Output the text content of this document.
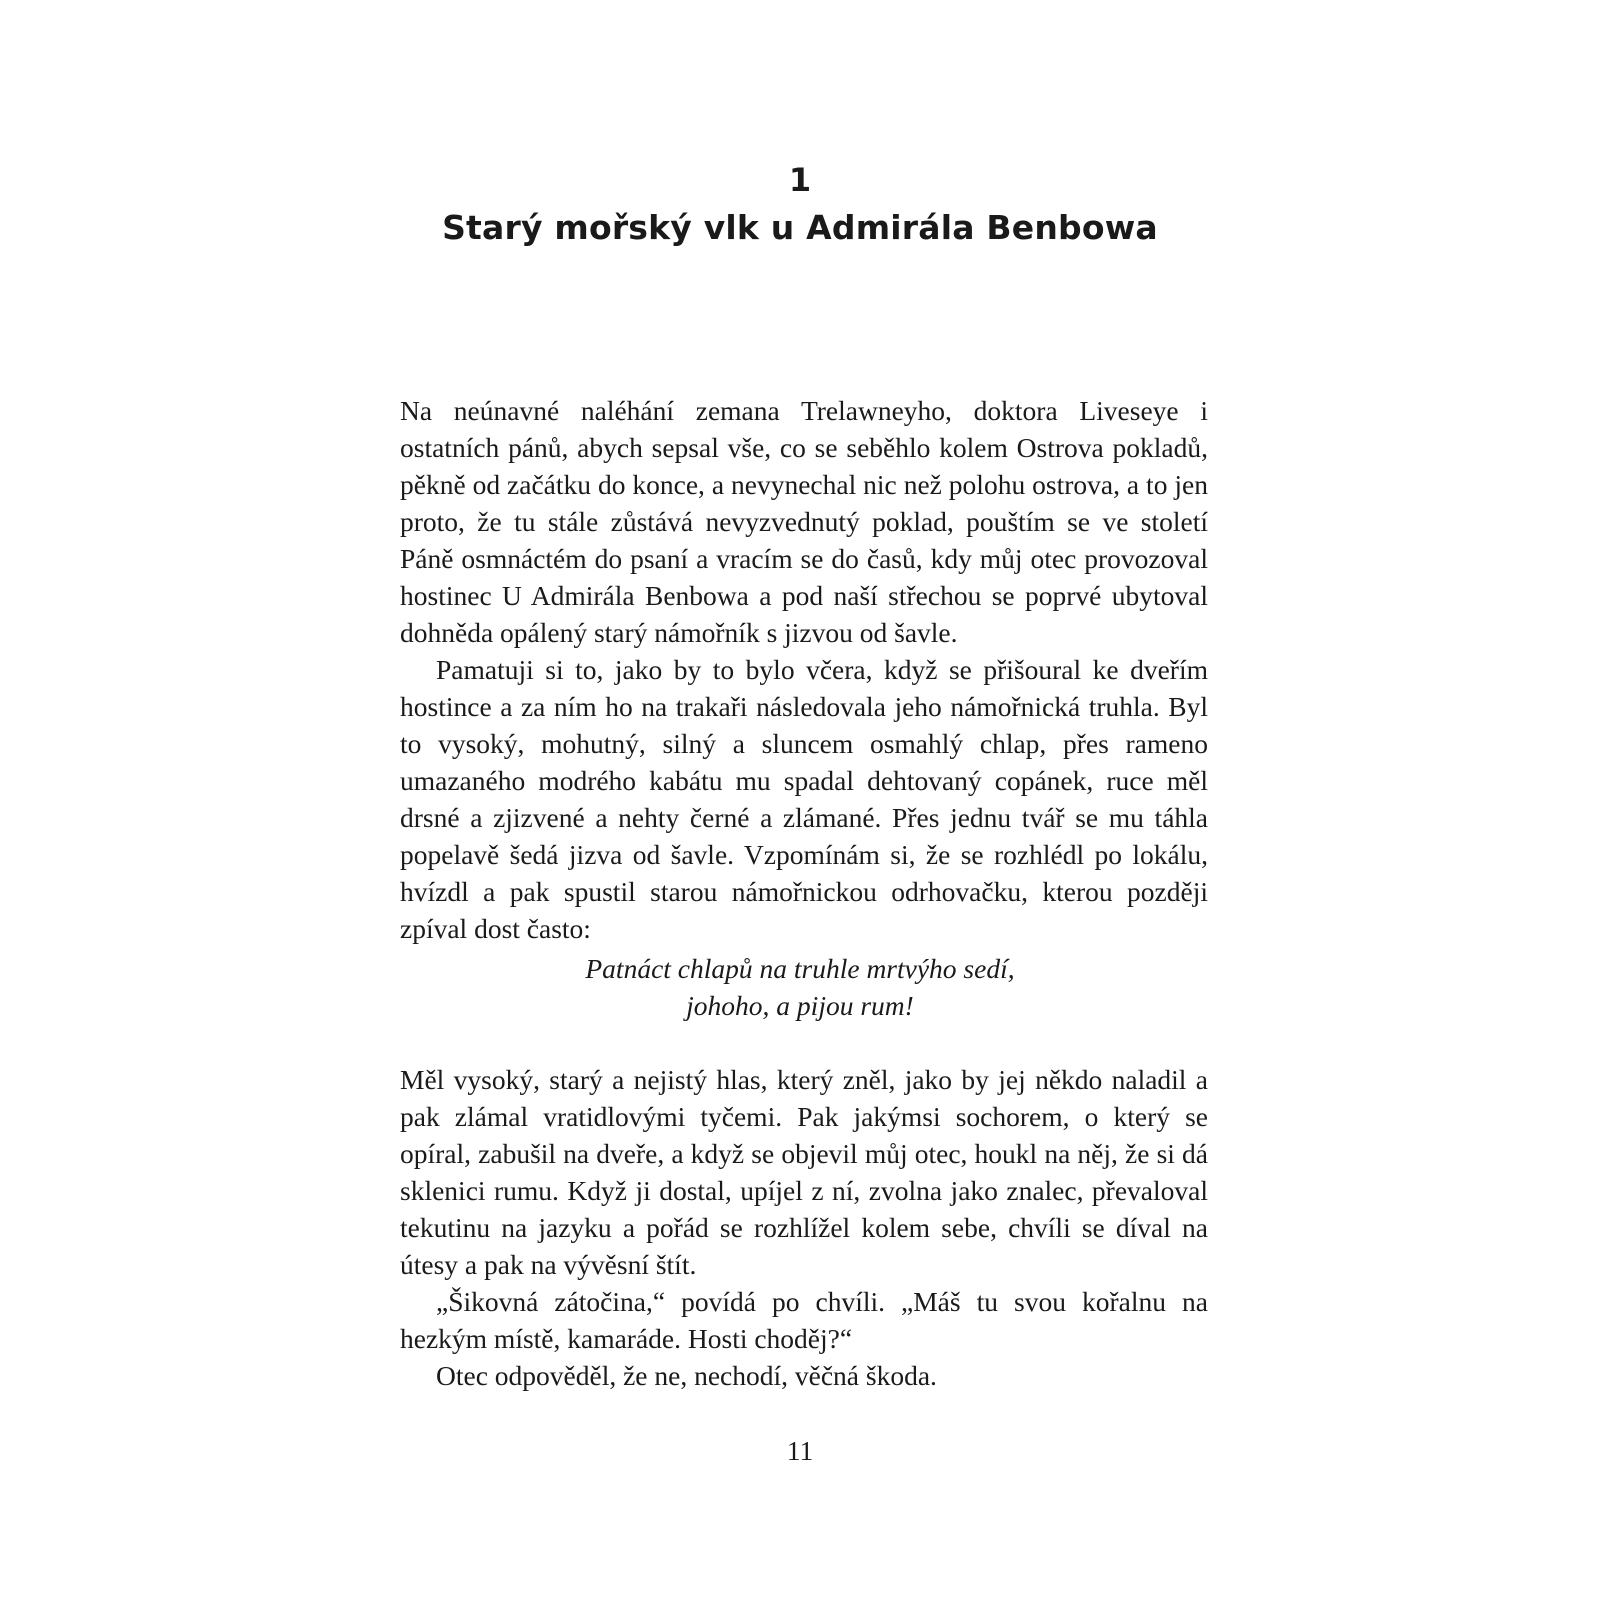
1
Starý mořský vlk u Admirála Benbowa

Na neúnavné naléhání zemana Trelawneyho, doktora Liveseye i ostatních pánů, abych sepsal vše, co se seběhlo kolem Ostrova pokladů, pěkně od začátku do konce, a nevynechal nic než polohu ostrova, a to jen proto, že tu stále zůstává nevyzvednutý poklad, pouštím se ve století Páně osmnáctém do psaní a vracím se do časů, kdy můj otec provozoval hostinec U Admirála Benbowa a pod naší střechou se poprvé ubytoval dohněda opálený starý námořník s jizvou od šavle.

Pamatuji si to, jako by to bylo včera, když se přišoural ke dveřím hostince a za ním ho na trakaři následovala jeho námořnická truhla. Byl to vysoký, mohutný, silný a sluncem osmahlý chlap, přes rameno umazaného modrého kabátu mu spadal dehtovaný copánek, ruce měl drsné a zjizvené a nehty černé a zlámané. Přes jednu tvář se mu táhla popelavě šedá jizva od šavle. Vzpomínám si, že se rozhlédl po lokálu, hvízdl a pak spustil starou námořnickou odrhovačku, kterou později zpíval dost často:

Patnáct chlapů na truhle mrtvýho sedí,
johoho, a pijou rum!

Měl vysoký, starý a nejistý hlas, který zněl, jako by jej někdo naladil a pak zlámal vratidlovými tyčemi. Pak jakýmsi sochorem, o který se opíral, zabušil na dveře, a když se objevil můj otec, houkl na něj, že si dá sklenici rumu. Když ji dostal, upíjel z ní, zvolna jako znalec, převaloval tekutinu na jazyku a pořád se rozhlížel kolem sebe, chvíli se díval na útesy a pak na vývěsní štít.

„Šikovná zátočina,“ povídá po chvíli. „Máš tu svou kořalnu na hezkým místě, kamaráde. Hosti choděj?“

Otec odpověděl, že ne, nechodí, věčná škoda.

11
